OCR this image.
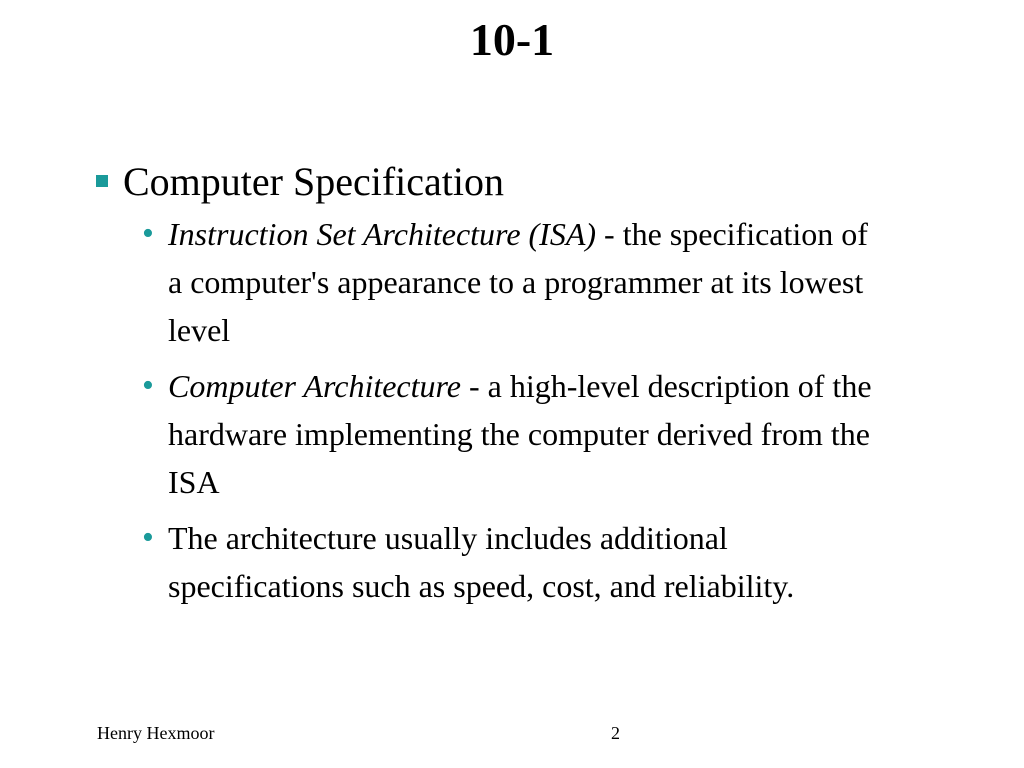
10-1
Computer Specification
• Instruction Set Architecture (ISA) - the specification of a computer's appearance to a programmer at its lowest level
• Computer Architecture - a high-level description of the hardware implementing the computer derived from the ISA
• The architecture usually includes additional specifications such as speed, cost, and reliability.
Henry Hexmoor	2
